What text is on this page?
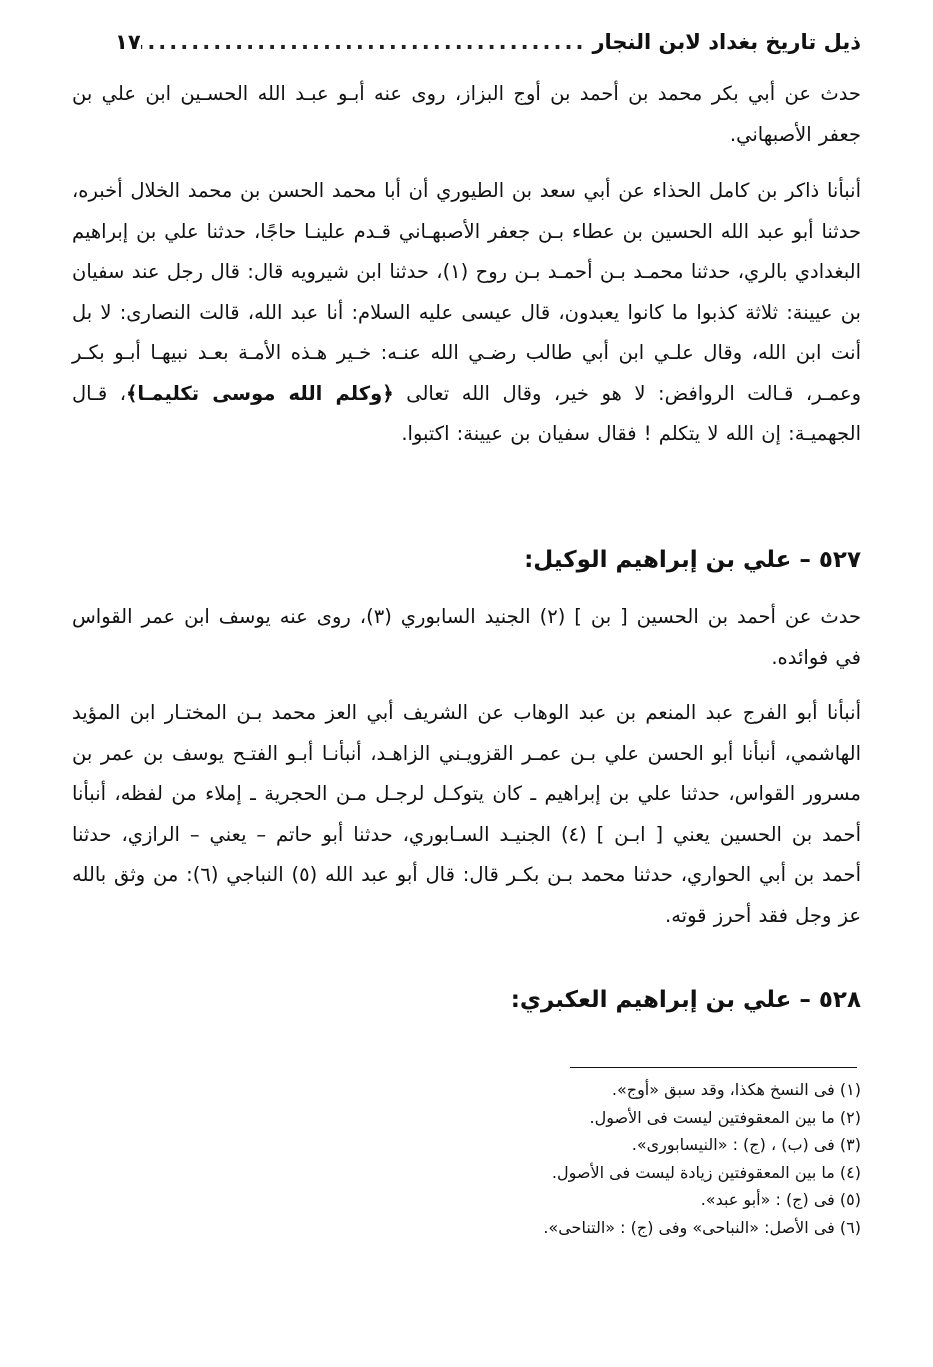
ذيل تاريخ بغداد لابن النجار
.....
١٧

حدث عن أبي بكر محمد بن أحمد بن أوج البزاز، روى عنه أبـو عبـد الله الحسـين ابن علي بن جعفر الأصبهاني.

أنبأنا ذاكر بن كامل الحذاء عن أبي سعد بن الطيوري أن أبا محمد الحسن بن محمد الخلال أخبره، حدثنا أبو عبد الله الحسين بن عطاء بـن جعفر الأصبهـاني قـدم علينـا حاجًا، حدثنا علي بن إبراهيم البغدادي بالري، حدثنا محمـد بـن أحمـد بـن روح (١)، حدثنا ابن شيرويه قال: قال رجل عند سفيان بن عيينة: ثلاثة كذبوا ما كانوا يعبدون، قال عيسى عليه السلام: أنا عبد الله، قالت النصارى: لا بل أنت ابن الله، وقال علـي ابن أبي طالب رضـي الله عنـه: خـير هـذه الأمـة بعـد نبيهـا أبـو بكـر وعمـر، قـالت الروافض: لا هو خير، وقال الله تعالى ﴿وكلم الله موسى تكليمـا﴾، قـال الجهميـة: إن الله لا يتكلم ! فقال سفيان بن عيينة: اكتبوا.

٥٢٧ – علي بن إبراهيم الوكيل:

حدث عن أحمد بن الحسين [ بن ] (٢) الجنيد السابوري (٣)، روى عنه يوسف ابن عمر القواس في فوائده.

أنبأنا أبو الفرج عبد المنعم بن عبد الوهاب عن الشريف أبي العز محمد بـن المختـار ابن المؤيد الهاشمي، أنبأنا أبو الحسن علي بـن عمـر القزويـني الزاهـد، أنبأنـا أبـو الفتـح يوسف بن عمر بن مسرور القواس، حدثنا علي بن إبراهيم ـ كان يتوكـل لرجـل مـن الحجرية ـ إملاء من لفظه، أنبأنا أحمد بن الحسين يعني [ ابـن ] (٤) الجنيـد السـابوري، حدثنا أبو حاتم – يعني – الرازي، حدثنا أحمد بن أبي الحواري، حدثنا محمد بـن بكـر قال: قال أبو عبد الله (٥) النباجي (٦): من وثق بالله عز وجل فقد أحرز قوته.

٥٢٨ – علي بن إبراهيم العكبري:
(١) فى النسخ هكذا، وقد سبق «أوج».
(٢) ما بين المعقوفتين ليست فى الأصول.
(٣) فى (ب) ، (ج) : «النيسابورى».
(٤) ما بين المعقوفتين زيادة ليست فى الأصول.
(٥) فى (ج) : «أبو عبد».
(٦) فى الأصل: «النباحى» وفى (ج) : «التناحى».
